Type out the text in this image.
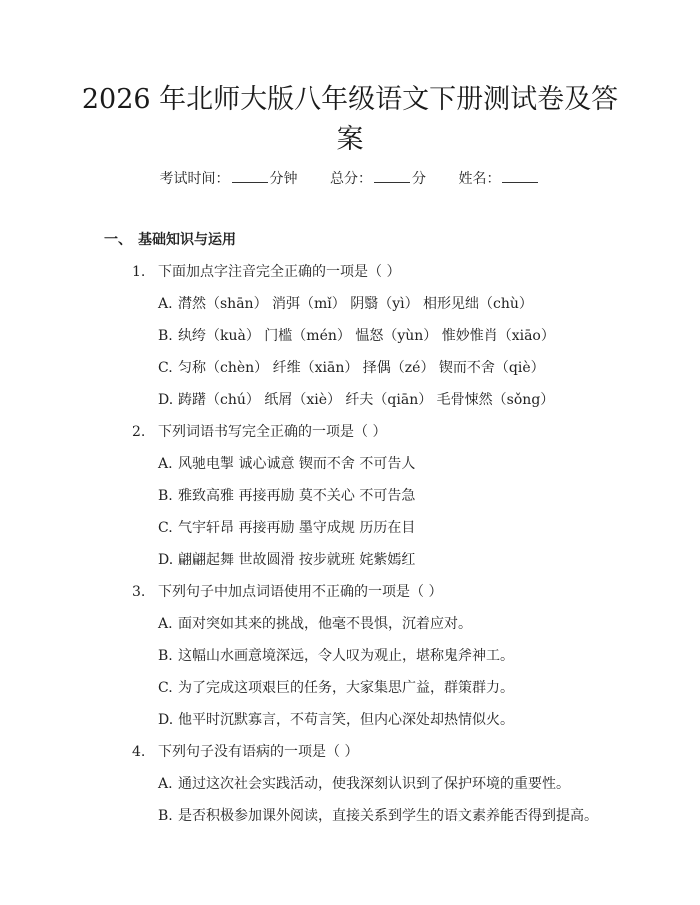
2026 年北师大版八年级语文下册测试卷及答案
考试时间：	分钟 总分：	分 姓名：
一、 基础知识与运用
1. 下面加点字注音完全正确的一项是（ ）
A. 潸然（shān） 消弭（mǐ） 阴翳（yì） 相形见绌（chù）
B. 纨绔（kuà） 门槛（mén） 愠怒（yùn） 惟妙惟肖（xiāo）
C. 匀称（chèn） 纤维（xiān） 择偶（zé） 锲而不舍（qiè）
D. 踌躇（chú） 纸屑（xiè） 纤夫（qiān） 毛骨悚然（sǒng）
2. 下列词语书写完全正确的一项是（ ）
A. 风驰电掣 诚心诚意 锲而不舍 不可告人
B. 雅致高雅 再接再励 莫不关心 不可告急
C. 气宇轩昂 再接再励 墨守成规 历历在目
D. 翩翩起舞 世故圆滑 按步就班 姹紫嫣红
3. 下列句子中加点词语使用不正确的一项是（ ）
A. 面对突如其来的挑战，他毫不畏惧，沉着应对。
B. 这幅山水画意境深远，令人叹为观止，堪称鬼斧神工。
C. 为了完成这项艰巨的任务，大家集思广益，群策群力。
D. 他平时沉默寡言，不苟言笑，但内心深处却热情似火。
4. 下列句子没有语病的一项是（ ）
A. 通过这次社会实践活动，使我深刻认识到了保护环境的重要性。
B. 是否积极参加课外阅读，直接关系到学生的语文素养能否得到提高。
